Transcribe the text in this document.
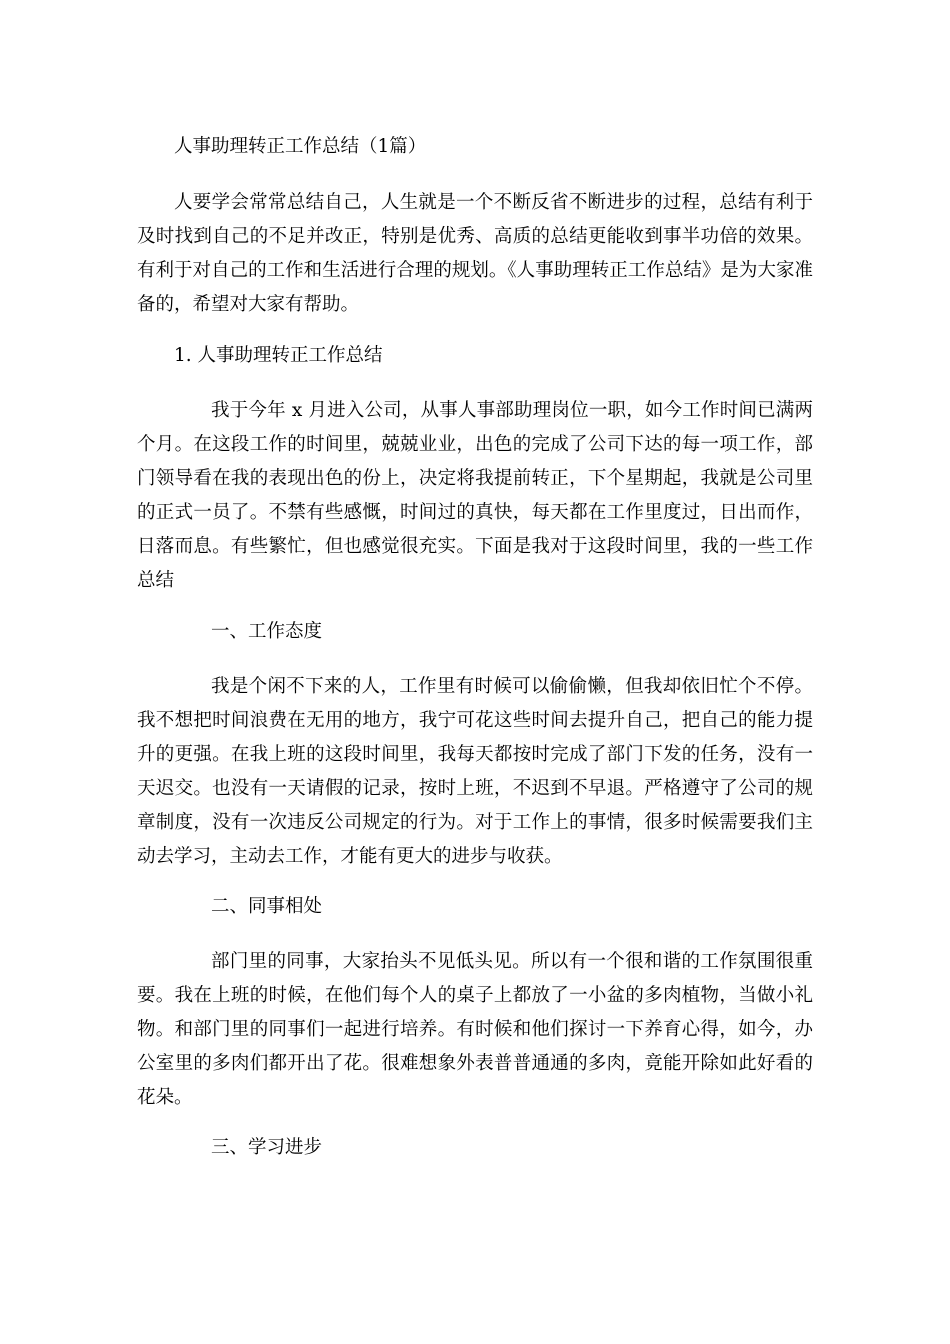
人事助理转正工作总结（1篇）

人要学会常常总结自己，人生就是一个不断反省不断进步的过程，总结有利于及时找到自己的不足并改正，特别是优秀、高质的总结更能收到事半功倍的效果。有利于对自己的工作和生活进行合理的规划。《人事助理转正工作总结》是为大家准备的，希望对大家有帮助。

1. 人事助理转正工作总结

我于今年 x 月进入公司，从事人事部助理岗位一职，如今工作时间已满两个月。在这段工作的时间里，兢兢业业，出色的完成了公司下达的每一项工作，部门领导看在我的表现出色的份上，决定将我提前转正，下个星期起，我就是公司里的正式一员了。不禁有些感慨，时间过的真快，每天都在工作里度过，日出而作，日落而息。有些繁忙，但也感觉很充实。下面是我对于这段时间里，我的一些工作总结

一、工作态度

我是个闲不下来的人，工作里有时候可以偷偷懒，但我却依旧忙个不停。我不想把时间浪费在无用的地方，我宁可花这些时间去提升自己，把自己的能力提升的更强。在我上班的这段时间里，我每天都按时完成了部门下发的任务，没有一天迟交。也没有一天请假的记录，按时上班，不迟到不早退。严格遵守了公司的规章制度，没有一次违反公司规定的行为。对于工作上的事情，很多时候需要我们主动去学习，主动去工作，才能有更大的进步与收获。

二、同事相处

部门里的同事，大家抬头不见低头见。所以有一个很和谐的工作氛围很重要。我在上班的时候，在他们每个人的桌子上都放了一小盆的多肉植物，当做小礼物。和部门里的同事们一起进行培养。有时候和他们探讨一下养育心得，如今，办公室里的多肉们都开出了花。很难想象外表普普通通的多肉，竟能开除如此好看的花朵。

三、学习进步
